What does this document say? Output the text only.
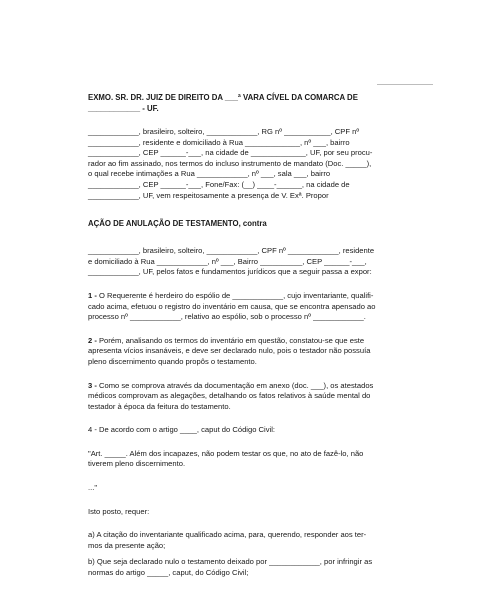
EXMO. SR. DR. JUIZ DE DIREITO DA ___ª VARA CÍVEL DA COMARCA DE

____________ - UF.

____________, brasileiro, solteiro, ____________, RG nº ___________, CPF nº

____________, residente e domiciliado à Rua _____________, nº ___, bairro

____________, CEP ______-___, na cidade de _____________, UF, por seu procu-

rador ao fim assinado, nos termos do incluso instrumento de mandato (Doc. _____),

o qual recebe intimações a Rua ____________, nº ___, sala ___, bairro

____________, CEP ______-___, Fone/Fax: (__) ____-______, na cidade de

____________, UF, vem respeitosamente a presença de V. Exª. Propor

AÇÃO DE ANULAÇÃO DE TESTAMENTO, contra

____________, brasileiro, solteiro, ____________, CPF nº ____________, residente

e domiciliado à Rua ____________, nº ___, Bairro __________, CEP ______-___,

____________, UF, pelos fatos e fundamentos jurídicos que a seguir passa a expor:

1 - O Requerente é herdeiro do espólio de ____________, cujo inventariante, qualifi-

cado acima, efetuou o registro do inventário em causa, que se encontra apensado ao

processo nº ____________, relativo ao espólio, sob o processo nº ____________.

2 - Porém, analisando os termos do inventário em questão, constatou-se que este

apresenta vícios insanáveis, e deve ser declarado nulo, pois o testador não possuía

pleno discernimento quando propôs o testamento.

3 - Como se comprova através da documentação em anexo (doc. ___), os atestados

médicos comprovam as alegações, detalhando os fatos relativos à saúde mental do

testador à época da feitura do testamento.

4 - De acordo com o artigo ____, caput do Código Civil:

"Art. _____. Além dos incapazes, não podem testar os que, no ato de fazê-lo, não

tiverem pleno discernimento.

..."

Isto posto, requer:

a) A citação do inventariante qualificado acima, para, querendo, responder aos ter-

mos da presente ação;

b) Que seja declarado nulo o testamento deixado por ____________, por infringir as

normas do artigo _____, caput, do Código Civil;
